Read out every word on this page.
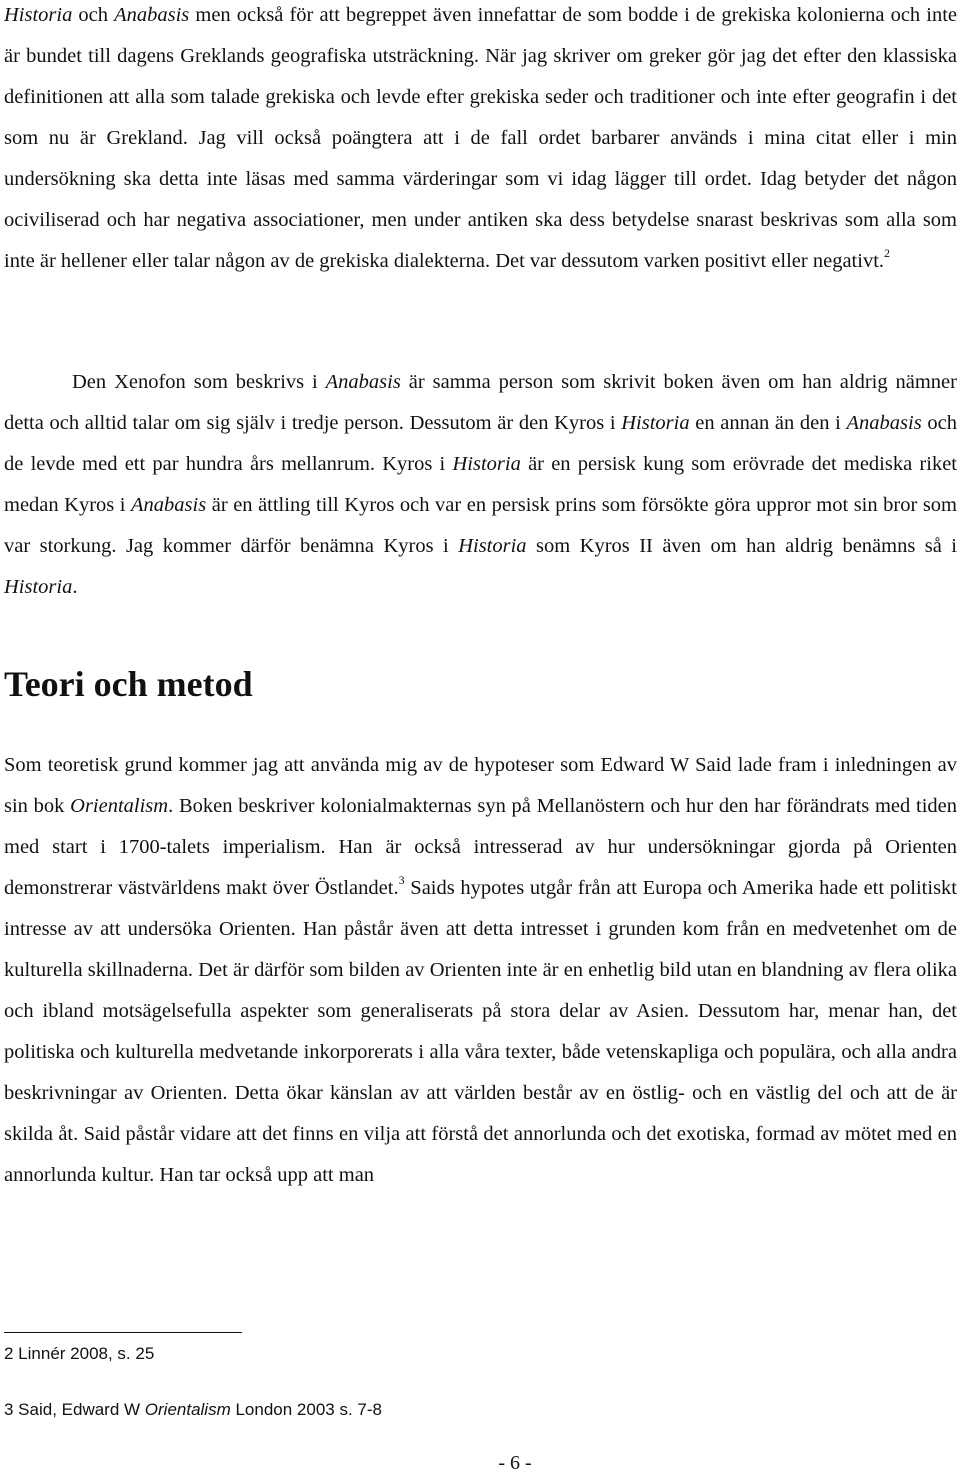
Historia och Anabasis men också för att begreppet även innefattar de som bodde i de grekiska kolonierna och inte är bundet till dagens Greklands geografiska utsträckning. När jag skriver om greker gör jag det efter den klassiska definitionen att alla som talade grekiska och levde efter grekiska seder och traditioner och inte efter geografin i det som nu är Grekland. Jag vill också poängtera att i de fall ordet barbarer används i mina citat eller i min undersökning ska detta inte läsas med samma värderingar som vi idag lägger till ordet. Idag betyder det någon ociviliserad och har negativa associationer, men under antiken ska dess betydelse snarast beskrivas som alla som inte är hellener eller talar någon av de grekiska dialekterna. Det var dessutom varken positivt eller negativt.$^2$

Den Xenofon som beskrivs i Anabasis är samma person som skrivit boken även om han aldrig nämner detta och alltid talar om sig själv i tredje person. Dessutom är den Kyros i Historia en annan än den i Anabasis och de levde med ett par hundra års mellanrum. Kyros i Historia är en persisk kung som erövrade det mediska riket medan Kyros i Anabasis är en ättling till Kyros och var en persisk prins som försökte göra uppror mot sin bror som var storkung. Jag kommer därför benämna Kyros i Historia som Kyros II även om han aldrig benämns så i Historia.

Teori och metod

Som teoretisk grund kommer jag att använda mig av de hypoteser som Edward W Said lade fram i inledningen av sin bok Orientalism. Boken beskriver kolonialmakternas syn på Mellanöstern och hur den har förändrats med tiden med start i 1700-talets imperialism. Han är också intresserad av hur undersökningar gjorda på Orienten demonstrerar västvärldens makt över Östlandet.$^3$ Saids hypotes utgår från att Europa och Amerika hade ett politiskt intresse av att undersöka Orienten. Han påstår även att detta intresset i grunden kom från en medvetenhet om de kulturella skillnaderna. Det är därför som bilden av Orienten inte är en enhetlig bild utan en blandning av flera olika och ibland motsägelsefulla aspekter som generaliserats på stora delar av Asien. Dessutom har, menar han, det politiska och kulturella medvetande inkorporerats i alla våra texter, både vetenskapliga och populära, och alla andra beskrivningar av Orienten. Detta ökar känslan av att världen består av en östlig- och en västlig del och att de är skilda åt. Said påstår vidare att det finns en vilja att förstå det annorlunda och det exotiska, formad av mötet med en annorlunda kultur. Han tar också upp att man

2 Linnér 2008, s. 25

3 Said, Edward W Orientalism London 2003 s. 7-8

- 6 -
